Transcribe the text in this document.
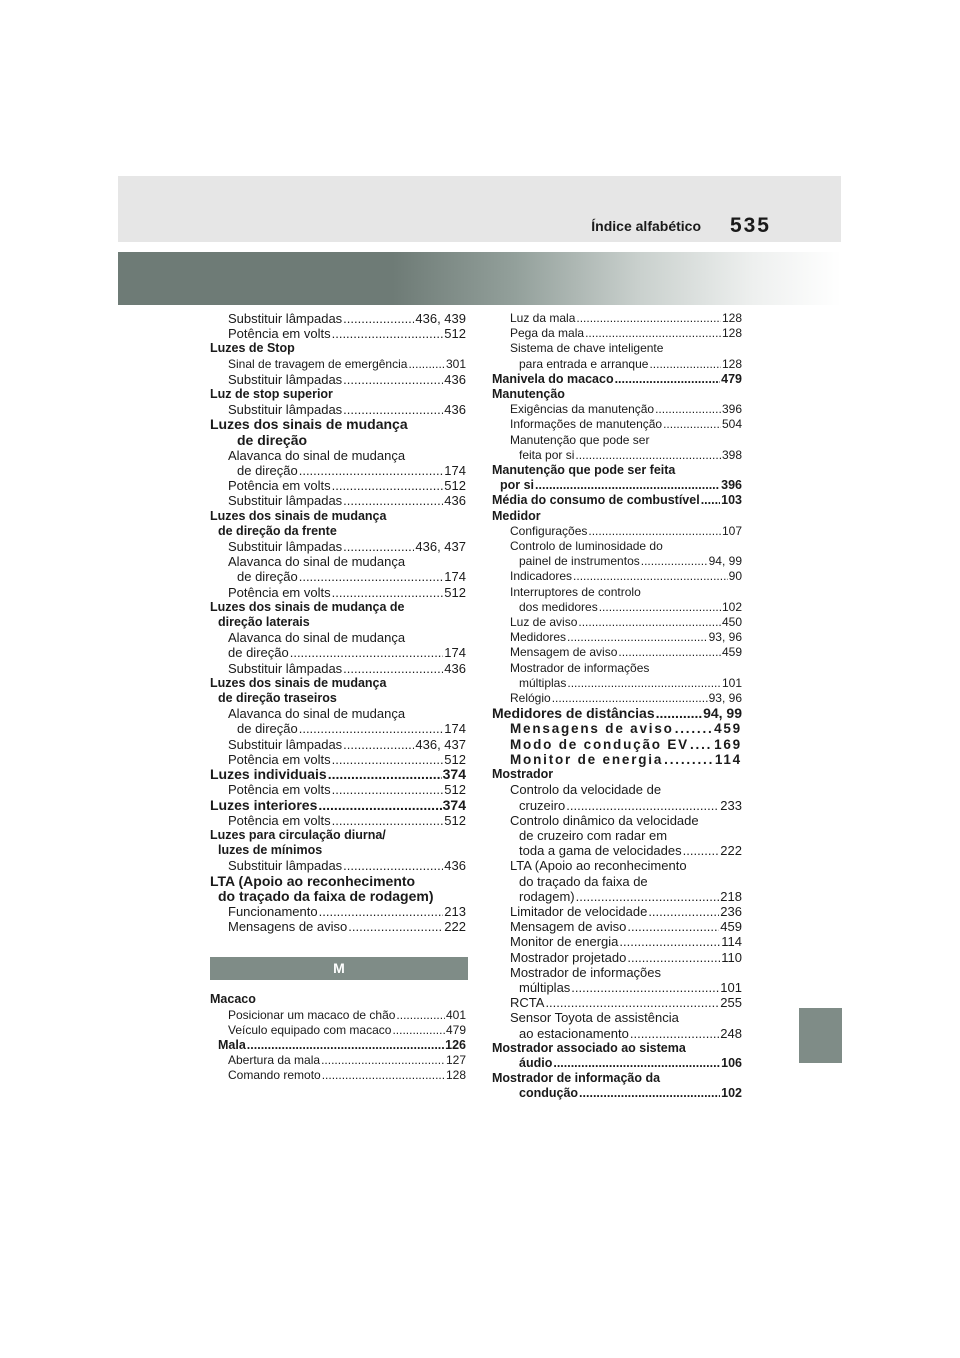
Índice alfabético 535
Substituir lâmpadas .....	436, 439
Potência em volts .....	512
Luzes de Stop
Sinal de travagem de emergência .....	301
Substituir lâmpadas .....	436
Luz de stop superior
Substituir lâmpadas .....	436
Luzes dos sinais de mudança
de direção
Alavanca do sinal de mudança
de direção .....	174
Potência em volts .....	512
Substituir lâmpadas .....	436
Luzes dos sinais de mudança
de direção da frente
Substituir lâmpadas .....	436, 437
Alavanca do sinal de mudança
de direção .....	174
Potência em volts .....	512
Luzes dos sinais de mudança de
direção laterais
Alavanca do sinal de mudança
de direção .....	174
Substituir lâmpadas .....	436
Luzes dos sinais de mudança
de direção traseiros
Alavanca do sinal de mudança
de direção .....	174
Substituir lâmpadas .....	436, 437
Potência em volts .....	512
Luzes individuais .....	374
Potência em volts .....	512
Luzes interiores .....	374
Potência em volts .....	512
Luzes para circulação diurna/
luzes de mínimos
Substituir lâmpadas .....	436
LTA (Apoio ao reconhecimento
do traçado da faixa de rodagem)
Funcionamento .....	213
Mensagens de aviso .....	222
M
Macaco
Posicionar um macaco de chão .....	401
Veículo equipado com macaco .....	479
Mala .....	126
Abertura da mala .....	127
Comando remoto .....	128
Luz da mala .....	128
Pega da mala .....	128
Sistema de chave inteligente
para entrada e arranque .....	128
Manivela do macaco .....	479
Manutenção
Exigências da manutenção .....	396
Informações de manutenção .....	504
Manutenção que pode ser
feita por si .....	398
Manutenção que pode ser feita
por si .....	396
Média do consumo de combustível ..... 103
Medidor
Configurações .....	107
Controlo de luminosidade do
painel de instrumentos .....	94, 99
Indicadores .....	90
Interruptores de controlo
dos medidores .....	102
Luz de aviso .....	450
Medidores .....	93, 96
Mensagem de aviso .....	459
Mostrador de informações
múltiplas .....	101
Relógio .....	93, 96
Medidores de distâncias .....	94, 99
Mensagens de aviso .....	459
Modo de condução EV ..... 169
Monitor de energia .....	114
Mostrador
Controlo da velocidade de
cruzeiro .....	233
Controlo dinâmico da velocidade
de cruzeiro com radar em
toda a gama de velocidades .....	222
LTA (Apoio ao reconhecimento
do traçado da faixa de
rodagem) .....	218
Limitador de velocidade .....	236
Mensagem de aviso .....	459
Monitor de energia .....	114
Mostrador projetado .....	110
Mostrador de informações
múltiplas .....	101
RCTA .....	255
Sensor Toyota de assistência
ao estacionamento .....	248
Mostrador associado ao sistema
áudio .....	106
Mostrador de informação da
condução .....	102
